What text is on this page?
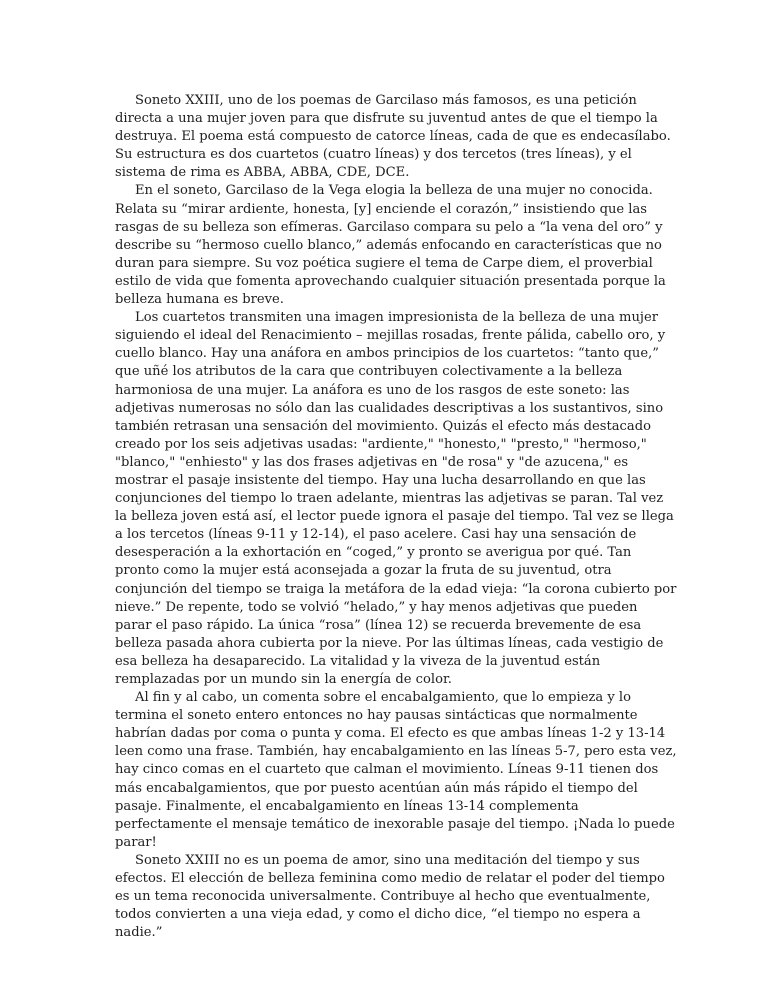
Soneto XXIII, uno de los poemas de Garcilaso más famosos, es una petición directa a una mujer joven para que disfrute su juventud antes de que el tiempo la destruya. El poema está compuesto de catorce líneas, cada de que es endecasílabo. Su estructura es dos cuartetos (cuatro líneas) y dos tercetos (tres líneas), y el sistema de rima es ABBA, ABBA, CDE, DCE.

En el soneto, Garcilaso de la Vega elogia la belleza de una mujer no conocida. Relata su “mirar ardiente, honesta, [y] enciende el corazón,” insistiendo que las rasgas de su belleza son efímeras. Garcilaso compara su pelo a “la vena del oro” y describe su “hermoso cuello blanco,” además enfocando en características que no duran para siempre. Su voz poética sugiere el tema de Carpe diem, el proverbial estilo de vida que fomenta aprovechando cualquier situación presentada porque la belleza humana es breve.

Los cuartetos transmiten una imagen impresionista de la belleza de una mujer siguiendo el ideal del Renacimiento – mejillas rosadas, frente pálida, cabello oro, y cuello blanco. Hay una anáfora en ambos principios de los cuartetos: “tanto que,” que uñé los atributos de la cara que contribuyen colectivamente a la belleza harmoniosa de una mujer. La anáfora es uno de los rasgos de este soneto: las adjetivas numerosas no sólo dan las cualidades descriptivas a los sustantivos, sino también retrasan una sensación del movimiento. Quizás el efecto más destacado creado por los seis adjetivas usadas: "ardiente," "honesto," "presto," "hermoso," "blanco," "enhiesto" y las dos frases adjetivas en "de rosa" y "de azucena," es mostrar el pasaje insistente del tiempo. Hay una lucha desarrollando en que las conjunciones del tiempo lo traen adelante, mientras las adjetivas se paran. Tal vez la belleza joven está así, el lector puede ignora el pasaje del tiempo. Tal vez se llega a los tercetos (líneas 9-11 y 12-14), el paso acelere. Casi hay una sensación de desesperación a la exhortación en “coged,” y pronto se averigua por qué. Tan pronto como la mujer está aconsejada a gozar la fruta de su juventud, otra conjunción del tiempo se traiga la metáfora de la edad vieja: “la corona cubierto por nieve.” De repente, todo se volvió “helado,” y hay menos adjetivas que pueden parar el paso rápido. La única “rosa” (línea 12) se recuerda brevemente de esa belleza pasada ahora cubierta por la nieve. Por las últimas líneas, cada vestigio de esa belleza ha desaparecido. La vitalidad y la viveza de la juventud están remplazadas por un mundo sin la energía de color.

Al fin y al cabo, un comenta sobre el encabalgamiento, que lo empieza y lo termina el soneto entero entonces no hay pausas sintácticas que normalmente habrían dadas por coma o punta y coma. El efecto es que ambas líneas 1-2 y 13-14 leen como una frase. También, hay encabalgamiento en las líneas 5-7, pero esta vez, hay cinco comas en el cuarteto que calman el movimiento. Líneas 9-11 tienen dos más encabalgamientos, que por puesto acentúan aún más rápido el tiempo del pasaje. Finalmente, el encabalgamiento en líneas 13-14 complementa perfectamente el mensaje temático de inexorable pasaje del tiempo. ¡Nada lo puede parar!

Soneto XXIII no es un poema de amor, sino una meditación del tiempo y sus efectos. El elección de belleza feminina como medio de relatar el poder del tiempo es un tema reconocida universalmente. Contribuye al hecho que eventualmente, todos convierten a una vieja edad, y como el dicho dice, “el tiempo no espera a nadie.”
